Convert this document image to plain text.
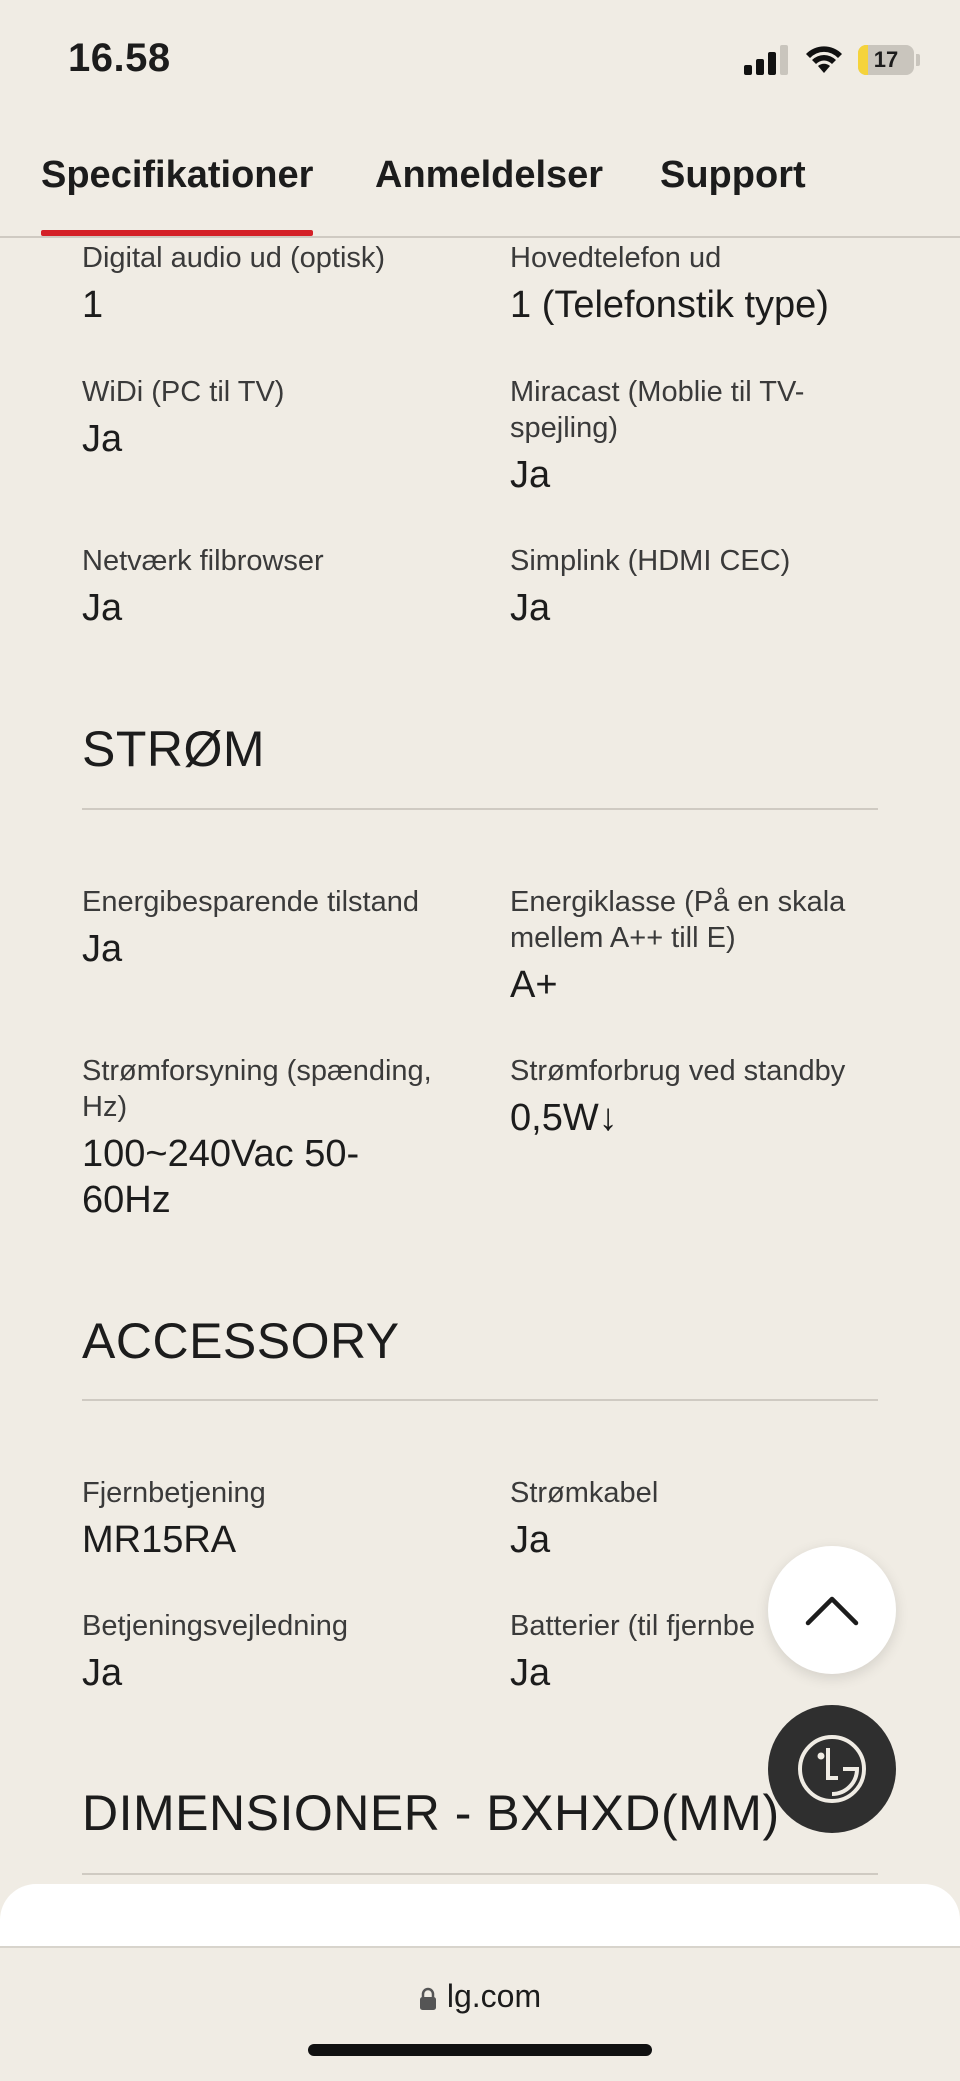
16.58	17
Specifikationer Anmeldelser Support
Digital audio ud (optisk)
1
Hovedtelefon ud
1 (Telefonstik type)
WiDi (PC til TV)
Ja
Miracast (Moblie til TV-spejling)
Ja
Netværk filbrowser
Ja
Simplink (HDMI CEC)
Ja
STRØM
Energibesparende tilstand
Ja
Energiklasse (På en skala mellem A++ till E)
A+
Strømforsyning (spænding, Hz)
100~240Vac 50-60Hz
Strømforbrug ved standby
0,5W↓
ACCESSORY
Fjernbetjening
MR15RA
Strømkabel
Ja
Betjeningsvejledning
Ja
Batterier (til fjernbe
Ja
DIMENSIONER - BXHXD(MM)
lg.com
